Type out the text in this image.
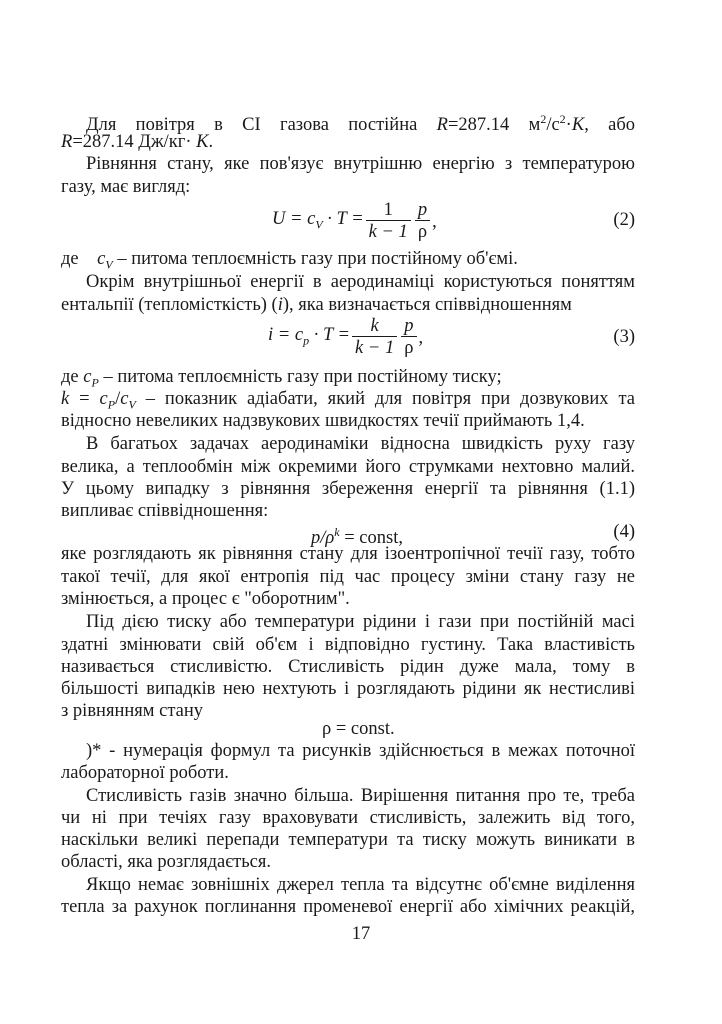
Для повітря в СІ газова постійна R=287.14 $м^2/с^2\cdot K$, або
R=287.14 Дж/кг· K.
Рівняння стану, яке пов'язує внутрішню енергію з температурою
газу, має вигляд:
$U = c_V \cdot T = \frac{1}{k - 1} \frac{p}{\rho}$ ,	(2)
де    $c_V$ – питома теплоємність газу при постійному об'ємі.
Окрім внутрішньої енергії в аеродинаміці користуються поняттям
ентальпії (тепломісткість) (i), яка визначається співвідношенням
$i = c_p \cdot T = \frac{k}{k - 1} \frac{p}{\rho}$ ,	(3)
де $c_P$ – питома теплоємність газу при постійному тиску;
$k = c_P/c_V$ – показник адіабати, який для повітря при дозвукових та
відносно невеликих надзвукових швидкостях течії приймають 1,4.
В багатьох задачах аеродинаміки відносна швидкість руху газу
велика, а теплообмін між окремими його струмками нехтовно малий.
У цьому випадку з рівняння збереження енергії та рівняння (1.1)
випливає співвідношення:
$p/\rho^k$ = const,	(4)
яке розглядають як рівняння стану для ізоентропічної течії газу, тобто
такої течії, для якої ентропія під час процесу зміни стану газу не
змінюється, а процес є "оборотним".
Під дією тиску або температури рідини і гази при постійній масі
здатні змінювати свій об'єм і відповідно густину. Така властивість
називається стисливістю. Стисливість рідин дуже мала, тому в
більшості випадків нею нехтують і розглядають рідини як нестисливі
з рівнянням стану
ρ = const.
)* - нумерація формул та рисунків здійснюється в межах поточної
лабораторної роботи.
Стисливість газів значно більша. Вирішення питання про те, треба
чи ні при течіях газу враховувати стисливість, залежить від того,
наскільки великі перепади температури та тиску можуть виникати в
області, яка розглядається.
Якщо немає зовнішніх джерел тепла та відсутнє об'ємне виділення
тепла за рахунок поглинання променевої енергії або хімічних реакцій,
17
